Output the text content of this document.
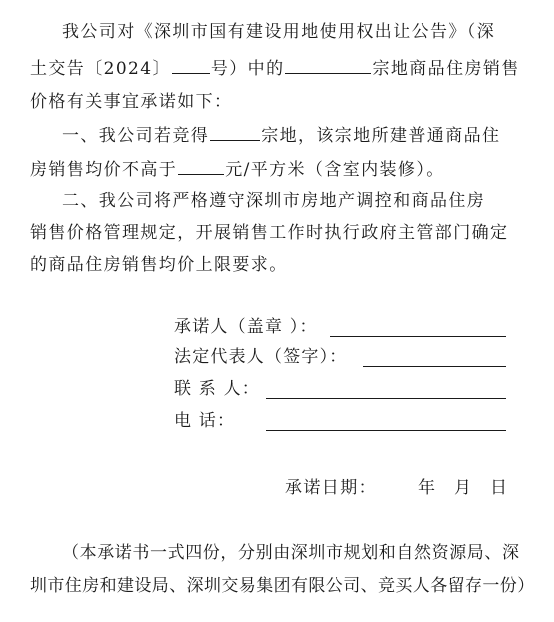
我公司对《深圳市国有建设用地使用权出让公告》（深
土交告〔2024〕 号）中的	宗地商品住房销售
价格有关事宜承诺如下：
一、我公司若竞得	宗地，该宗地所建普通商品住
房销售均价不高于	元/平方米（含室内装修）。
二、我公司将严格遵守深圳市房地产调控和商品住房
销售价格管理规定，开展销售工作时执行政府主管部门确定
的商品住房销售均价上限要求。
承诺人（盖章 ）：
法定代表人（签字）：
联 系 人：
电 话：
承诺日期： 年 月 日
（本承诺书一式四份，分别由深圳市规划和自然资源局、深
圳市住房和建设局、深圳交易集团有限公司、竞买人各留存一份）
